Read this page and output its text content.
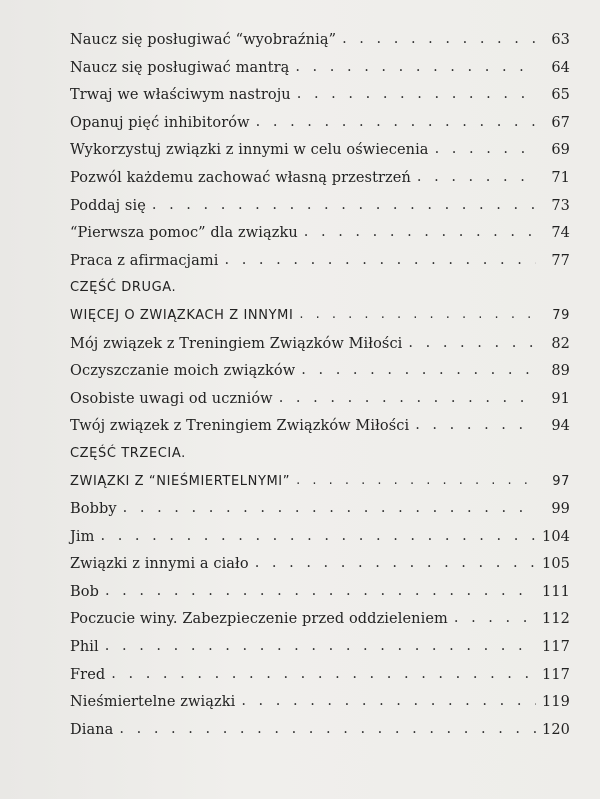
Naucz się posługiwać “wyobraźnią” . . .	63
Naucz się posługiwać mantrą . . .	64
Trwaj we właściwym nastroju . . .	65
Opanuj pięć inhibitorów . . .	67
Wykorzystuj związki z innymi w celu oświecenia . . .	69
Pozwól każdemu zachować własną przestrzeń . . .	71
Poddaj się . . .	73
“Pierwsza pomoc” dla związku . . .	74
Praca z afirmacjami . . .	77
CZĘŚĆ DRUGA.
WIĘCEJ O ZWIĄZKACH Z INNYMI . . .	79
Mój związek z Treningiem Związków Miłości . . .	82
Oczyszczanie moich związków . . .	89
Osobiste uwagi od uczniów . . .	91
Twój związek z Treningiem Związków Miłości . . .	94
CZĘŚĆ TRZECIA.
ZWIĄZKI Z “NIEŚMIERTELNYMI” . . .	97
Bobby . . .	99
Jim . . .	104
Związki z innymi a ciało . . .	105
Bob . . .	111
Poczucie winy. Zabezpieczenie przed oddzieleniem . . .	112
Phil . . .	117
Fred . . .	117
Nieśmiertelne związki . . .	119
Diana . . .	120
